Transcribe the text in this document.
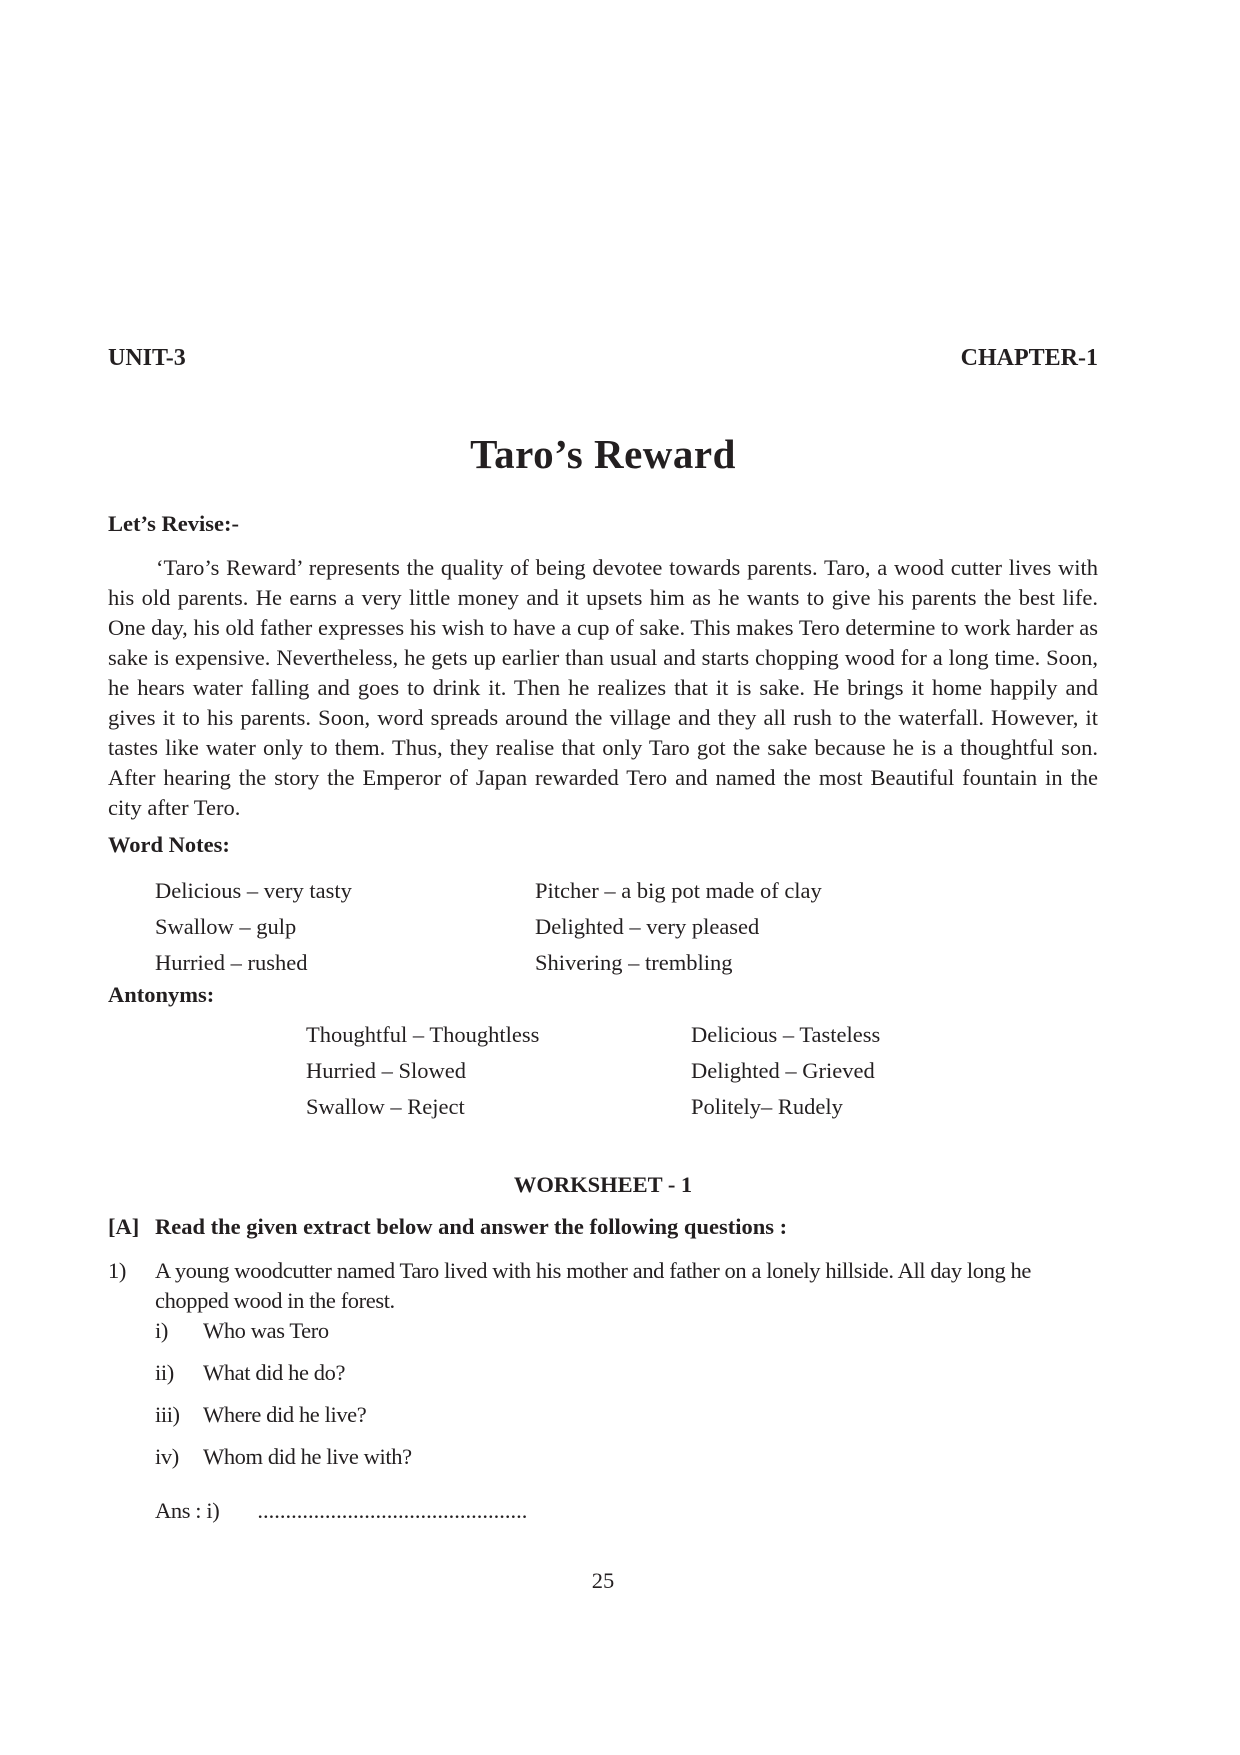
UNIT-3	CHAPTER-1
Taro’s Reward
Let’s Revise:-

‘Taro’s Reward’ represents the quality of being devotee towards parents. Taro, a wood cutter lives with his old parents. He earns a very little money and it upsets him as he wants to give his parents the best life. One day, his old father expresses his wish to have a cup of sake. This makes Tero determine to work harder as sake is expensive. Nevertheless, he gets up earlier than usual and starts chopping wood for a long time. Soon, he hears water falling and goes to drink it. Then he realizes that it is sake. He brings it home happily and gives it to his parents. Soon, word spreads around the village and they all rush to the waterfall. However, it tastes like water only to them. Thus, they realise that only Taro got the sake because he is a thoughtful son. After hearing the story the Emperor of Japan rewarded Tero and named the most Beautiful fountain in the city after Tero.

Word Notes:
Delicious – very tasty	Pitcher – a big pot made of clay
Swallow – gulp	Delighted – very pleased
Hurried – rushed	Shivering – trembling
Antonyms:
Thoughtful – Thoughtless	Delicious – Tasteless
Hurried – Slowed	Delighted – Grieved
Swallow – Reject	Politely– Rudely
WORKSHEET - 1
[A] Read the given extract below and answer the following questions :
1) A young woodcutter named Taro lived with his mother and father on a lonely hillside. All day long he chopped wood in the forest.
i) Who was Tero
ii) What did he do?
iii) Where did he live?
iv) Whom did he live with?
Ans : i) ................................................
25
